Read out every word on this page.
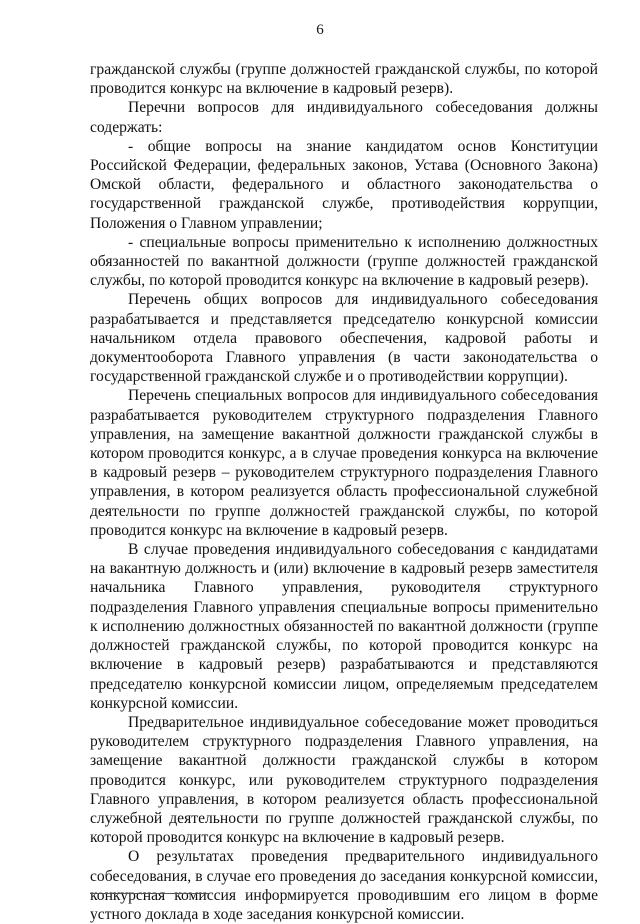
6

гражданской службы (группе должностей гражданской службы, по которой проводится конкурс на включение в кадровый резерв).

Перечни вопросов для индивидуального собеседования должны содержать:

- общие вопросы на знание кандидатом основ Конституции Российской Федерации, федеральных законов, Устава (Основного Закона) Омской области, федерального и областного законодательства о государственной гражданской службе, противодействия коррупции, Положения о Главном управлении;

- специальные вопросы применительно к исполнению должностных обязанностей по вакантной должности (группе должностей гражданской службы, по которой проводится конкурс на включение в кадровый резерв).

Перечень общих вопросов для индивидуального собеседования разрабатывается и представляется председателю конкурсной комиссии начальником отдела правового обеспечения, кадровой работы и документооборота Главного управления (в части законодательства о государственной гражданской службе и о противодействии коррупции).

Перечень специальных вопросов для индивидуального собеседования разрабатывается руководителем структурного подразделения Главного управления, на замещение вакантной должности гражданской службы в котором проводится конкурс, а в случае проведения конкурса на включение в кадровый резерв – руководителем структурного подразделения Главного управления, в котором реализуется область профессиональной служебной деятельности по группе должностей гражданской службы, по которой проводится конкурс на включение в кадровый резерв.

В случае проведения индивидуального собеседования с кандидатами на вакантную должность и (или) включение в кадровый резерв заместителя начальника Главного управления, руководителя структурного подразделения Главного управления специальные вопросы применительно к исполнению должностных обязанностей по вакантной должности (группе должностей гражданской службы, по которой проводится конкурс на включение в кадровый резерв) разрабатываются и представляются председателю конкурсной комиссии лицом, определяемым председателем конкурсной комиссии.

Предварительное индивидуальное собеседование может проводиться руководителем структурного подразделения Главного управления, на замещение вакантной должности гражданской службы в котором проводится конкурс, или руководителем структурного подразделения Главного управления, в котором реализуется область профессиональной служебной деятельности по группе должностей гражданской службы, по которой проводится конкурс на включение в кадровый резерв.

О результатах проведения предварительного индивидуального собеседования, в случае его проведения до заседания конкурсной комиссии, конкурсная комиссия информируется проводившим его лицом в форме устного доклада в ходе заседания конкурсной комиссии.
